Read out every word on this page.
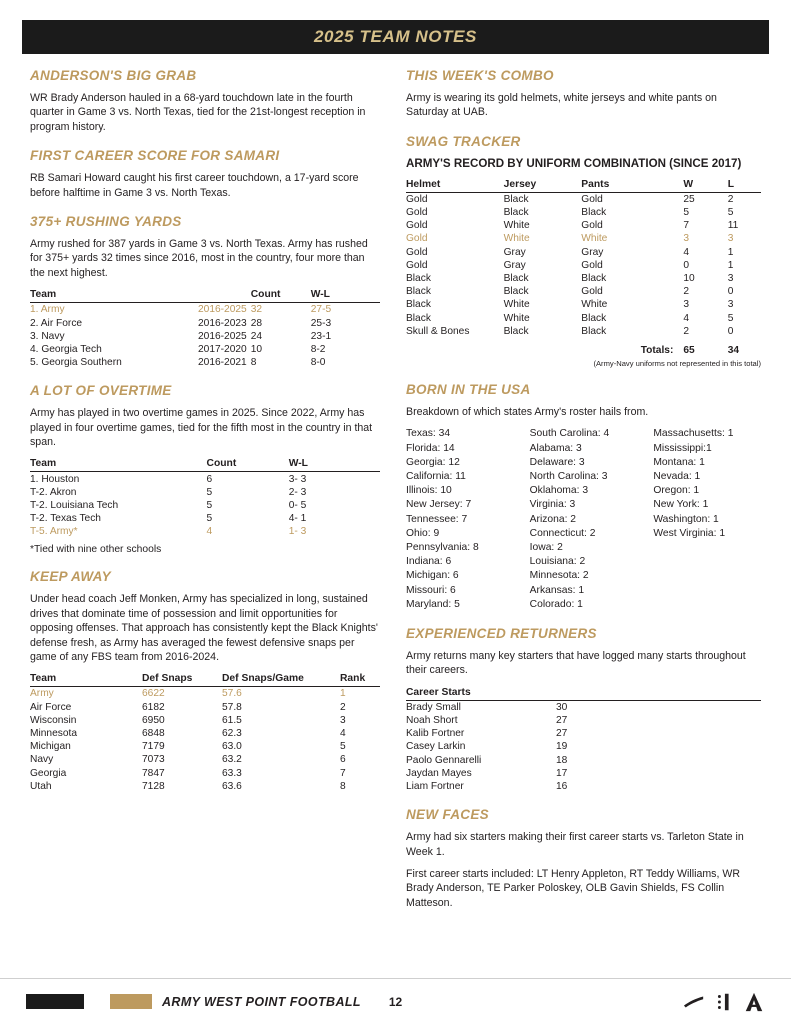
2025 TEAM NOTES
ANDERSON'S BIG GRAB

WR Brady Anderson hauled in a 68-yard touchdown late in the fourth quarter in Game 3 vs. North Texas, tied for the 21st-longest reception in program history.

FIRST CAREER SCORE FOR SAMARI

RB Samari Howard caught his first career touchdown, a 17-yard score before halftime in Game 3 vs. North Texas.

375+ RUSHING YARDS

Army rushed for 387 yards in Game 3 vs. North Texas. Army has rushed for 375+ yards 32 times since 2016, most in the country, four more than the next highest.

Team		Count	W-L
1. Army	2016-2025	32	27-5
2. Air Force	2016-2023	28	25-3
3. Navy	2016-2025	24	23-1
4. Georgia Tech	2017-2020	10	8-2
5. Georgia Southern	2016-2021	8	8-0
A LOT OF OVERTIME

Army has played in two overtime games in 2025. Since 2022, Army has played in four overtime games, tied for the fifth most in the country in that span.

Team	Count	W-L
1. Houston	6	3- 3
T-2. Akron	5	2- 3
T-2. Louisiana Tech	5	0- 5
T-2. Texas Tech	5	4- 1
T-5. Army*	4	1- 3

*Tied with nine other schools

KEEP AWAY

Under head coach Jeff Monken, Army has specialized in long, sustained drives that dominate time of possession and limit opportunities for opposing offenses. That approach has consistently kept the Black Knights' defense fresh, as Army has averaged the fewest defensive snaps per game of any FBS team from 2016-2024.

Team	Def Snaps	Def Snaps/Game	Rank
Army	6622	57.6	1
Air Force	6182	57.8	2
Wisconsin	6950	61.5	3
Minnesota	6848	62.3	4
Michigan	7179	63.0	5
Navy	7073	63.2	6
Georgia	7847	63.3	7
Utah	7128	63.6	8
THIS WEEK'S COMBO

Army is wearing its gold helmets, white jerseys and white pants on Saturday at UAB.

SWAG TRACKER
ARMY'S RECORD BY UNIFORM COMBINATION (SINCE 2017)
Helmet	Jersey	Pants	W	L
Gold	Black	Gold	25	2
Gold	Black	Black	5	5
Gold	White	Gold	7	11
Gold	White	White	3	3
Gold	Gray	Gray	4	1
Gold	Gray	Gold	0	1
Black	Black	Black	10	3
Black	Black	Gold	2	0
Black	White	White	3	3
Black	White	Black	4	5
Skull & Bones	Black	Black	2	0
		Totals:	65	34
(Army-Navy uniforms not represented in this total)
BORN IN THE USA

Breakdown of which states Army's roster hails from.

Texas: 34
Florida: 14
Georgia: 12
California: 11
Illinois: 10
New Jersey: 7
Tennessee: 7
Ohio: 9
Pennsylvania: 8
Indiana: 6
Michigan: 6
Missouri: 6
Maryland: 5
South Carolina: 4
Alabama: 3
Delaware: 3
North Carolina: 3
Oklahoma: 3
Virginia: 3
Arizona: 2
Connecticut: 2
Iowa: 2
Louisiana: 2
Minnesota: 2
Arkansas: 1
Colorado: 1
Massachusetts: 1
Mississippi:1
Montana: 1
Nevada: 1
Oregon: 1
New York: 1
Washington: 1
West Virginia: 1
EXPERIENCED RETURNERS

Army returns many key starters that have logged many starts throughout their careers.

Career Starts	
Brady Small	30
Noah Short	27
Kalib Fortner	27
Casey Larkin	19
Paolo Gennarelli	18
Jaydan Mayes	17
Liam Fortner	16
NEW FACES

Army had six starters making their first career starts vs. Tarleton State in Week 1.

First career starts included: LT Henry Appleton, RT Teddy Williams, WR Brady Anderson, TE Parker Poloskey, OLB Gavin Shields, FS Collin Matteson.

ARMY WEST POINT FOOTBALL	12
